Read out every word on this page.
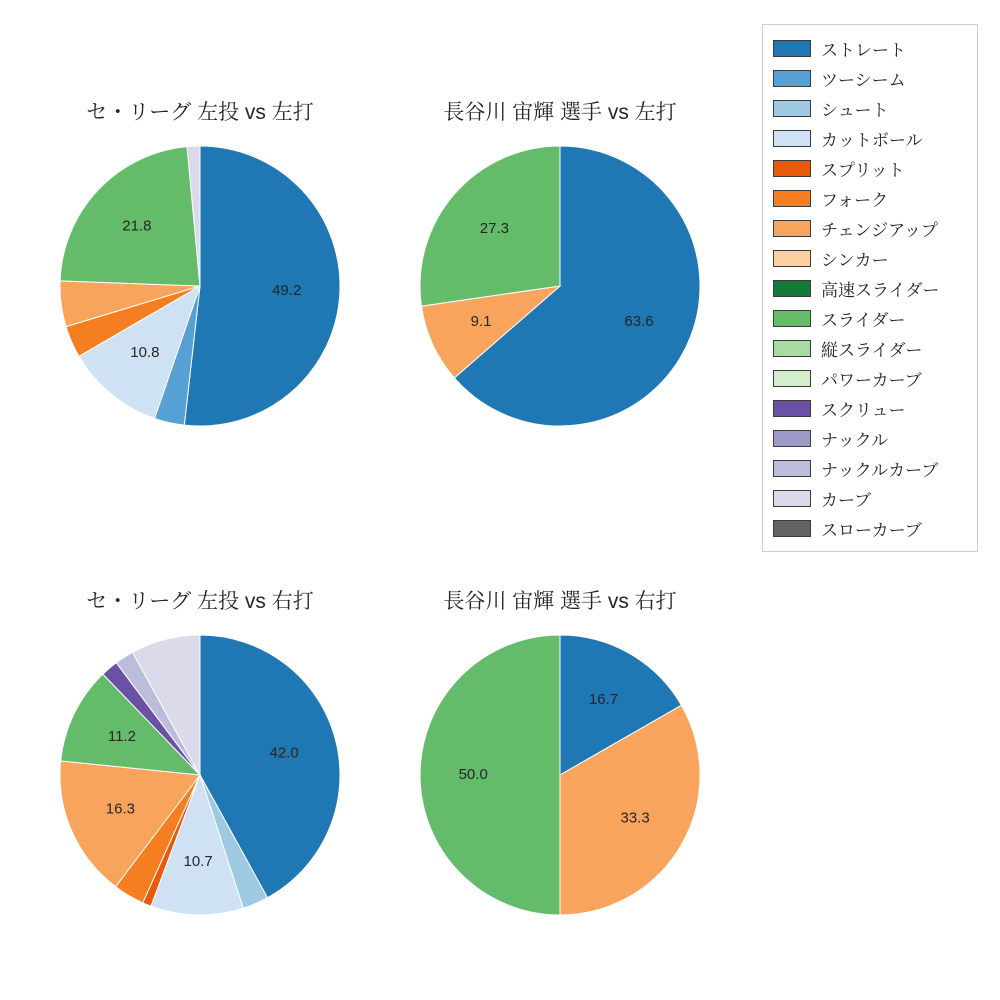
セ・リーグ 左投 vs 左打
49.2
10.8
21.8
長谷川 宙輝 選手 vs 左打
63.6
9.1
27.3
セ・リーグ 左投 vs 右打
42.0
10.7
16.3
11.2
長谷川 宙輝 選手 vs 右打
16.7
33.3
50.0
ストレート
ツーシーム
シュート
カットボール
スプリット
フォーク
チェンジアップ
シンカー
高速スライダー
スライダー
縦スライダー
パワーカーブ
スクリュー
ナックル
ナックルカーブ
カーブ
スローカーブ
